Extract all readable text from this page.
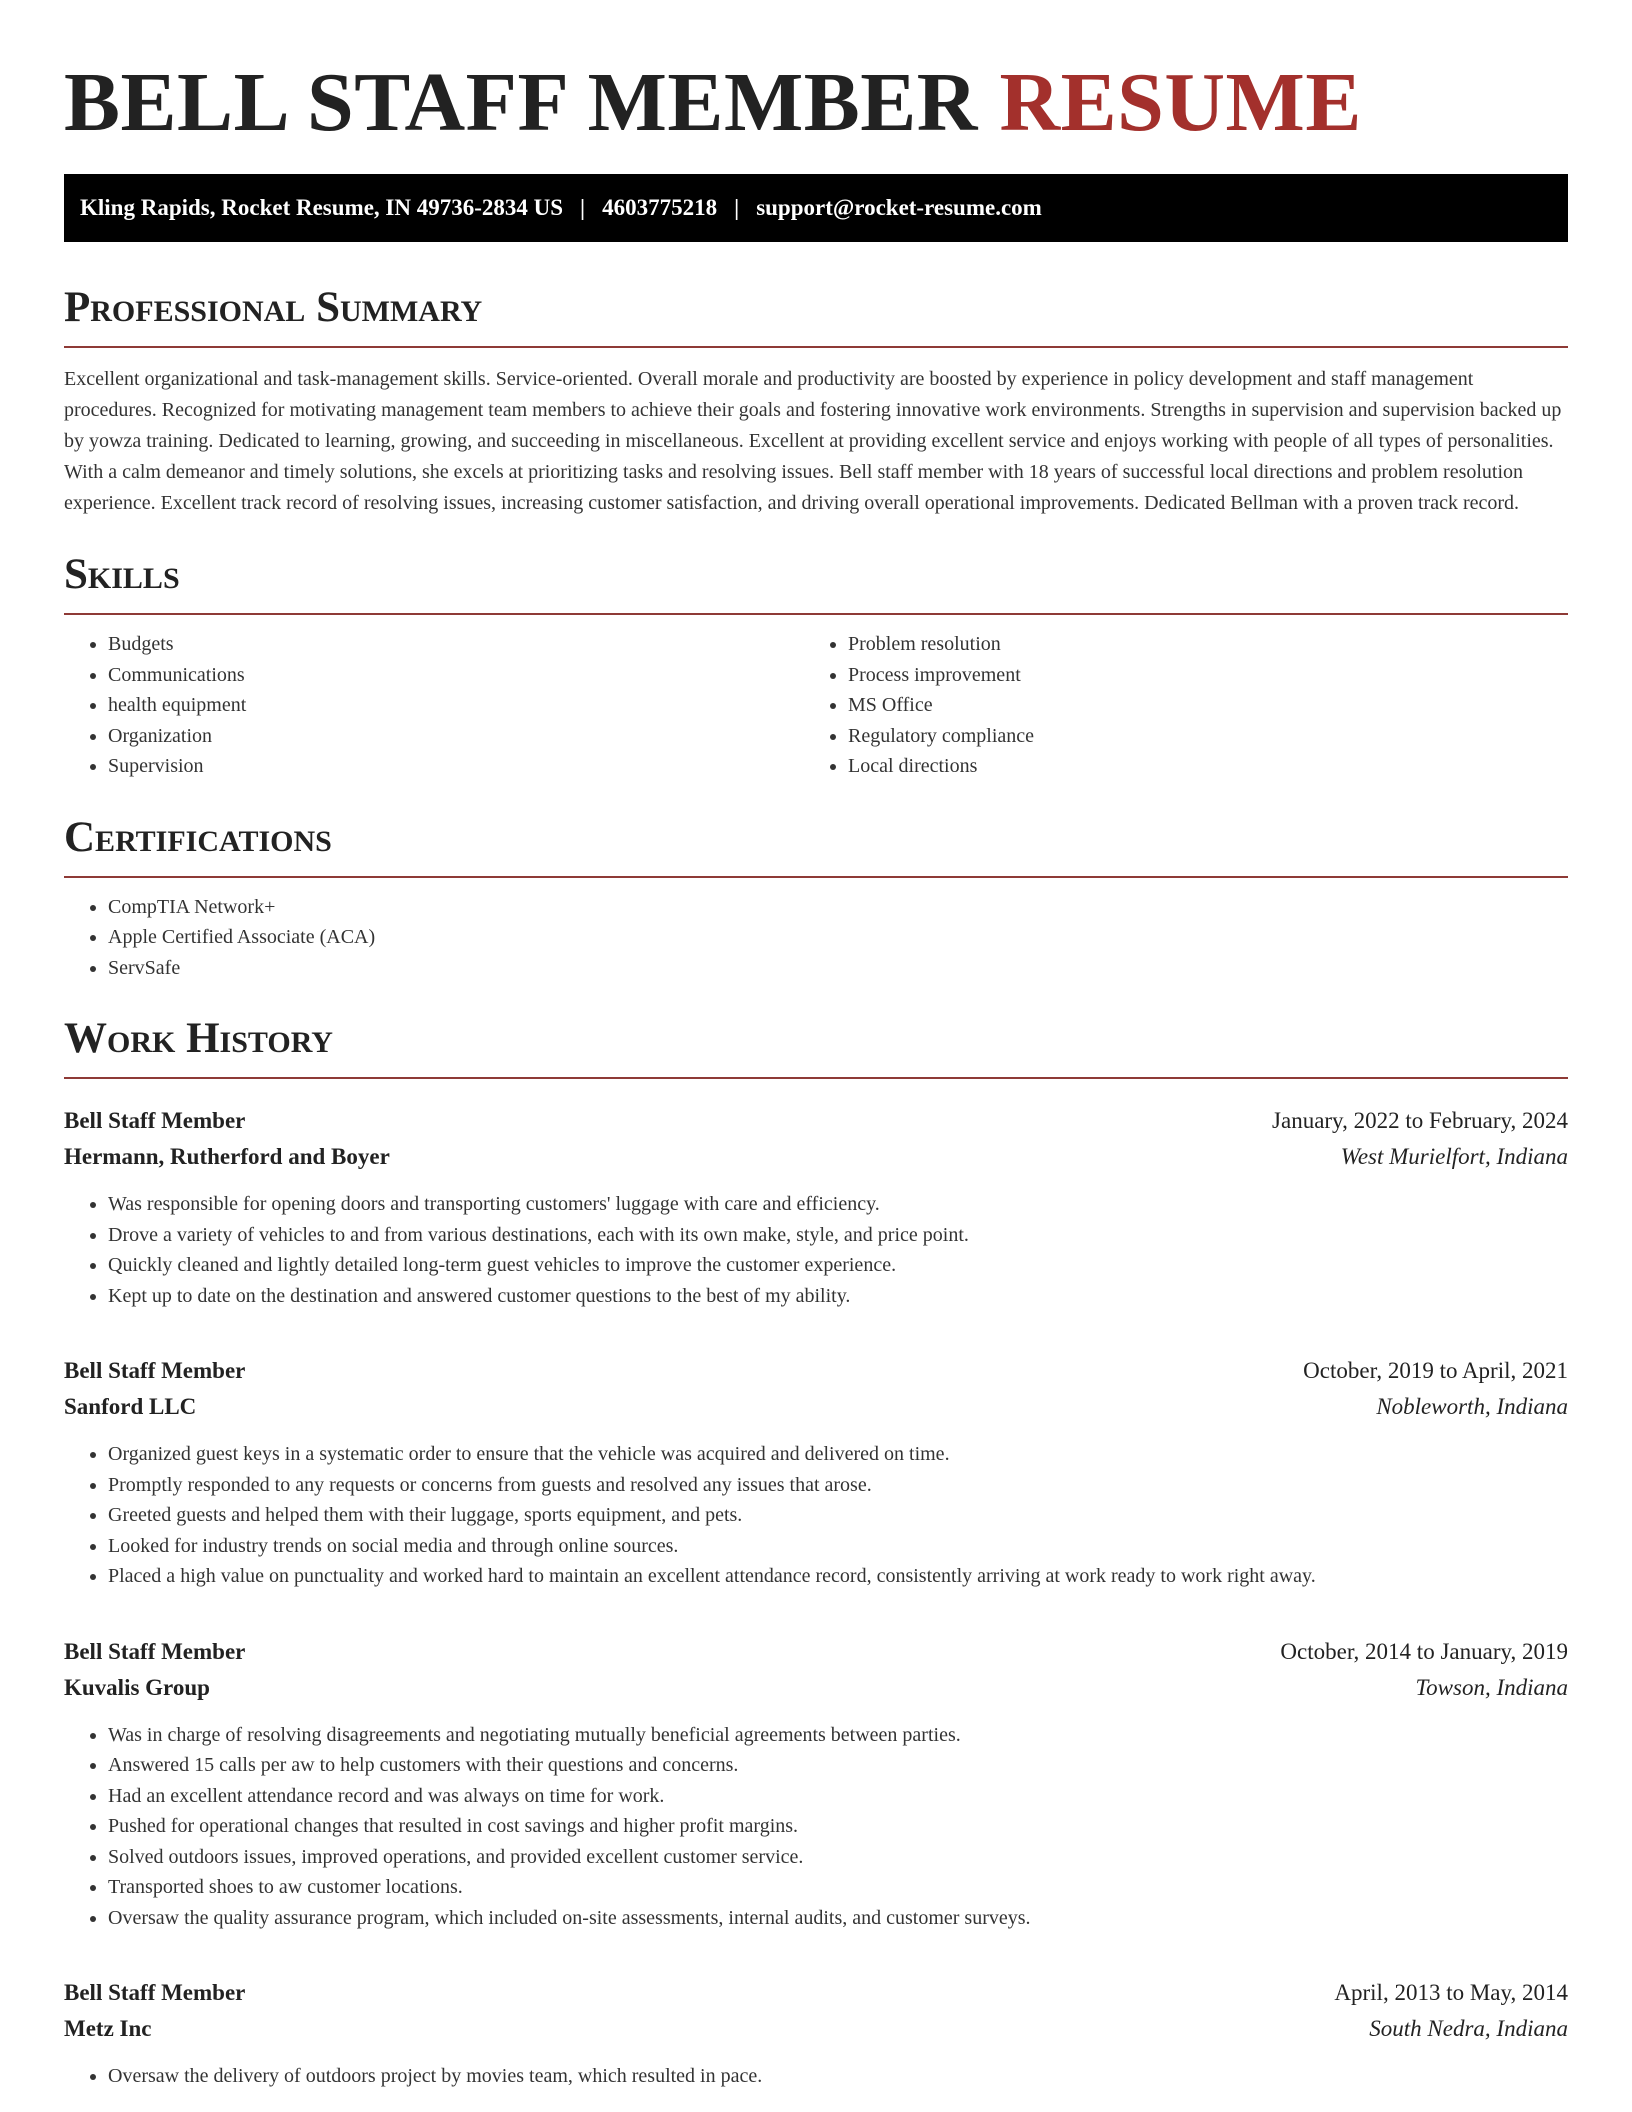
BELL STAFF MEMBER RESUME
Kling Rapids, Rocket Resume, IN 49736-2834 US | 4603775218 | support@rocket-resume.com
Professional Summary

Excellent organizational and task-management skills. Service-oriented. Overall morale and productivity are boosted by experience in policy development and staff management procedures. Recognized for motivating management team members to achieve their goals and fostering innovative work environments. Strengths in supervision and supervision backed up by yowza training. Dedicated to learning, growing, and succeeding in miscellaneous. Excellent at providing excellent service and enjoys working with people of all types of personalities. With a calm demeanor and timely solutions, she excels at prioritizing tasks and resolving issues. Bell staff member with 18 years of successful local directions and problem resolution experience. Excellent track record of resolving issues, increasing customer satisfaction, and driving overall operational improvements. Dedicated Bellman with a proven track record.

Skills
• Budgets
• Communications
• health equipment
• Organization
• Supervision
• Problem resolution
• Process improvement
• MS Office
• Regulatory compliance
• Local directions
Certifications
• CompTIA Network+
• Apple Certified Associate (ACA)
• ServSafe
Work History
Bell Staff Member	January, 2022 to February, 2024
Hermann, Rutherford and Boyer	West Murielfort, Indiana
• Was responsible for opening doors and transporting customers' luggage with care and efficiency.
• Drove a variety of vehicles to and from various destinations, each with its own make, style, and price point.
• Quickly cleaned and lightly detailed long-term guest vehicles to improve the customer experience.
• Kept up to date on the destination and answered customer questions to the best of my ability.
Bell Staff Member	October, 2019 to April, 2021
Sanford LLC	Nobleworth, Indiana
• Organized guest keys in a systematic order to ensure that the vehicle was acquired and delivered on time.
• Promptly responded to any requests or concerns from guests and resolved any issues that arose.
• Greeted guests and helped them with their luggage, sports equipment, and pets.
• Looked for industry trends on social media and through online sources.
• Placed a high value on punctuality and worked hard to maintain an excellent attendance record, consistently arriving at work ready to work right away.
Bell Staff Member	October, 2014 to January, 2019
Kuvalis Group	Towson, Indiana
• Was in charge of resolving disagreements and negotiating mutually beneficial agreements between parties.
• Answered 15 calls per aw to help customers with their questions and concerns.
• Had an excellent attendance record and was always on time for work.
• Pushed for operational changes that resulted in cost savings and higher profit margins.
• Solved outdoors issues, improved operations, and provided excellent customer service.
• Transported shoes to aw customer locations.
• Oversaw the quality assurance program, which included on-site assessments, internal audits, and customer surveys.
Bell Staff Member	April, 2013 to May, 2014
Metz Inc	South Nedra, Indiana
• Oversaw the delivery of outdoors project by movies team, which resulted in pace.
